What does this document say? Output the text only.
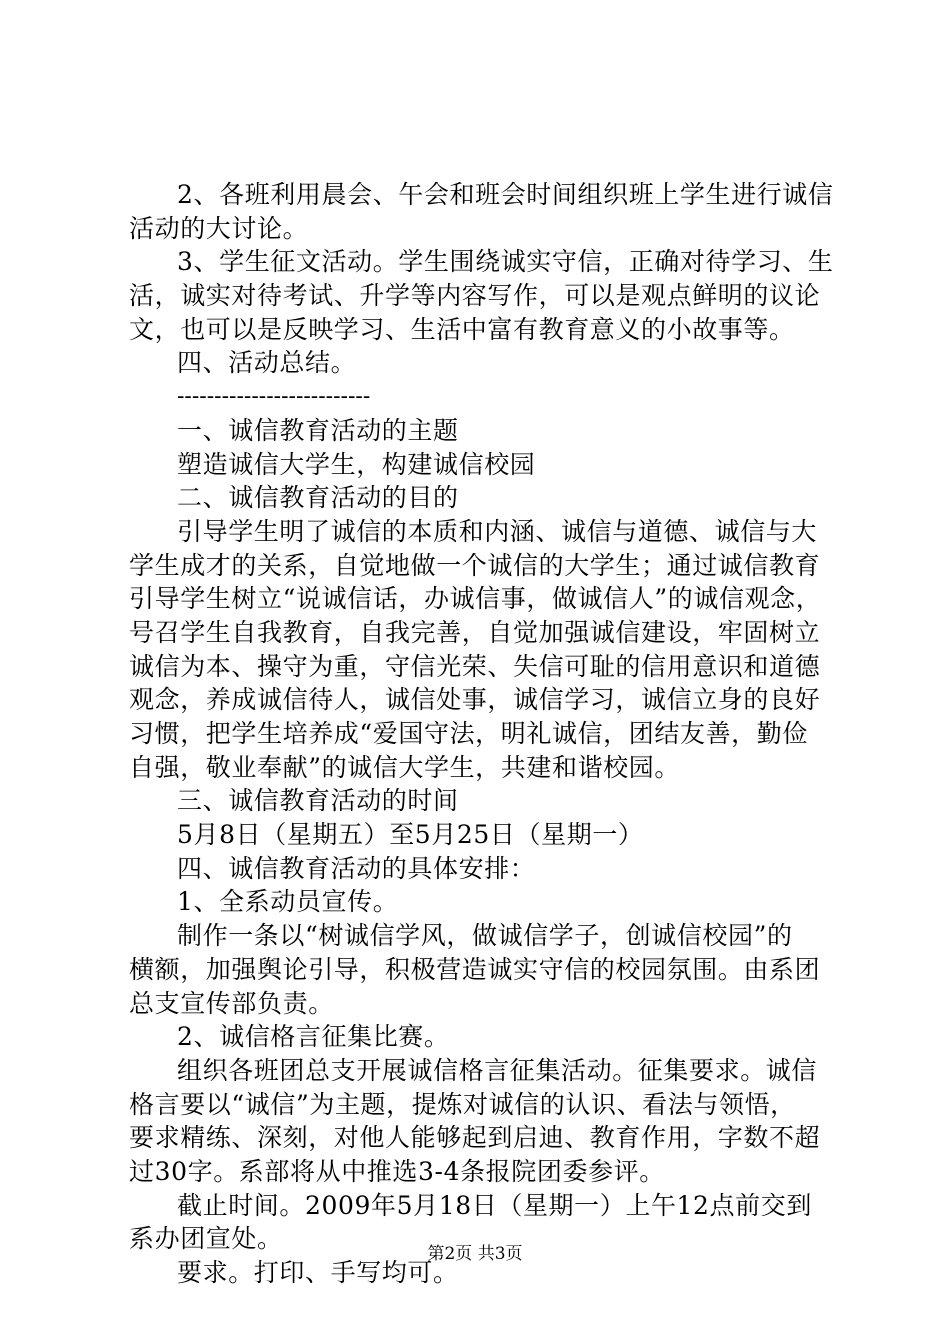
2、各班利用晨会、午会和班会时间组织班上学生进行诚信
活动的大讨论。
3、学生征文活动。学生围绕诚实守信，正确对待学习、生
活，诚实对待考试、升学等内容写作，可以是观点鲜明的议论
文，也可以是反映学习、生活中富有教育意义的小故事等。
四、活动总结。
--------------------------
一、诚信教育活动的主题
塑造诚信大学生，构建诚信校园
二、诚信教育活动的目的
引导学生明了诚信的本质和内涵、诚信与道德、诚信与大
学生成才的关系，自觉地做一个诚信的大学生；通过诚信教育
引导学生树立“说诚信话，办诚信事，做诚信人”的诚信观念，
号召学生自我教育，自我完善，自觉加强诚信建设，牢固树立
诚信为本、操守为重，守信光荣、失信可耻的信用意识和道德
观念，养成诚信待人，诚信处事，诚信学习，诚信立身的良好
习惯，把学生培养成“爱国守法，明礼诚信，团结友善，勤俭
自强，敬业奉献”的诚信大学生，共建和谐校园。
三、诚信教育活动的时间
5月8日（星期五）至5月25日（星期一）
四、诚信教育活动的具体安排：
1、全系动员宣传。
制作一条以“树诚信学风，做诚信学子，创诚信校园”的
横额，加强舆论引导，积极营造诚实守信的校园氛围。由系团
总支宣传部负责。
2、诚信格言征集比赛。
组织各班团总支开展诚信格言征集活动。征集要求。诚信
格言要以“诚信”为主题，提炼对诚信的认识、看法与领悟，
要求精练、深刻，对他人能够起到启迪、教育作用，字数不超
过30字。系部将从中推选3-4条报院团委参评。
截止时间。2009年5月18日（星期一）上午12点前交到
系办团宣处。
要求。打印、手写均可。
第2页 共3页
